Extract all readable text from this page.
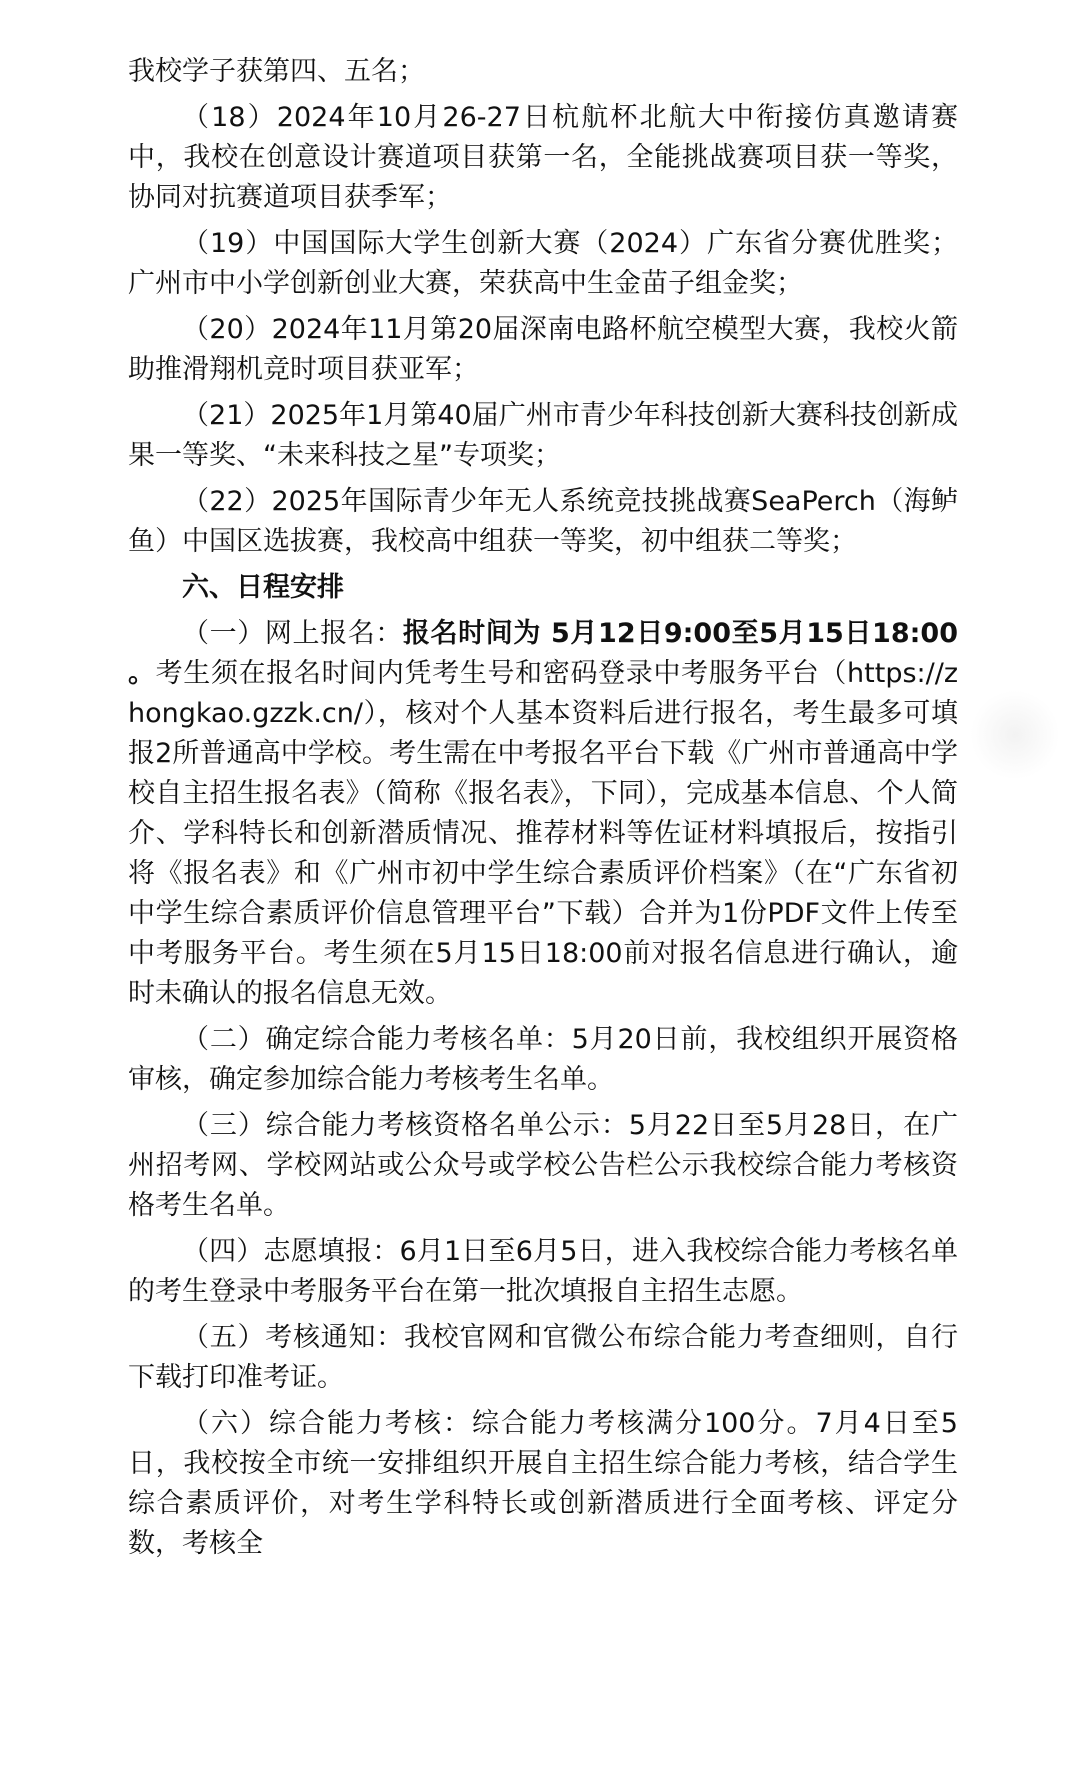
我校学子获第四、五名；

（18）2024年10月26-27日杭航杯北航大中衔接仿真邀请赛中，我校在创意设计赛道项目获第一名，全能挑战赛项目获一等奖，协同对抗赛道项目获季军；

（19）中国国际大学生创新大赛（2024）广东省分赛优胜奖；广州市中小学创新创业大赛，荣获高中生金苗子组金奖；

（20）2024年11月第20届深南电路杯航空模型大赛，我校火箭助推滑翔机竞时项目获亚军；

（21）2025年1月第40届广州市青少年科技创新大赛科技创新成果一等奖、“未来科技之星”专项奖；

（22）2025年国际青少年无人系统竞技挑战赛SeaPerch（海鲈鱼）中国区选拔赛，我校高中组获一等奖，初中组获二等奖；

六、日程安排

（一）网上报名：报名时间为 5月12日9:00至5月15日18:00 。考生须在报名时间内凭考生号和密码登录中考服务平台（https://zhongkao.gzzk.cn/），核对个人基本资料后进行报名，考生最多可填报2所普通高中学校。考生需在中考报名平台下载《广州市普通高中学校自主招生报名表》（简称《报名表》，下同），完成基本信息、个人简介、学科特长和创新潜质情况、推荐材料等佐证材料填报后，按指引将《报名表》和《广州市初中学生综合素质评价档案》（在“广东省初中学生综合素质评价信息管理平台”下载）合并为1份PDF文件上传至中考服务平台。考生须在5月15日18:00前对报名信息进行确认，逾时未确认的报名信息无效。

（二）确定综合能力考核名单：5月20日前，我校组织开展资格审核，确定参加综合能力考核考生名单。

（三）综合能力考核资格名单公示：5月22日至5月28日，在广州招考网、学校网站或公众号或学校公告栏公示我校综合能力考核资格考生名单。

（四）志愿填报：6月1日至6月5日，进入我校综合能力考核名单的考生登录中考服务平台在第一批次填报自主招生志愿。

（五）考核通知：我校官网和官微公布综合能力考查细则，自行下载打印准考证。

（六）综合能力考核：综合能力考核满分100分。7月4日至5日，我校按全市统一安排组织开展自主招生综合能力考核，结合学生综合素质评价，对考生学科特长或创新潜质进行全面考核、评定分数，考核全
